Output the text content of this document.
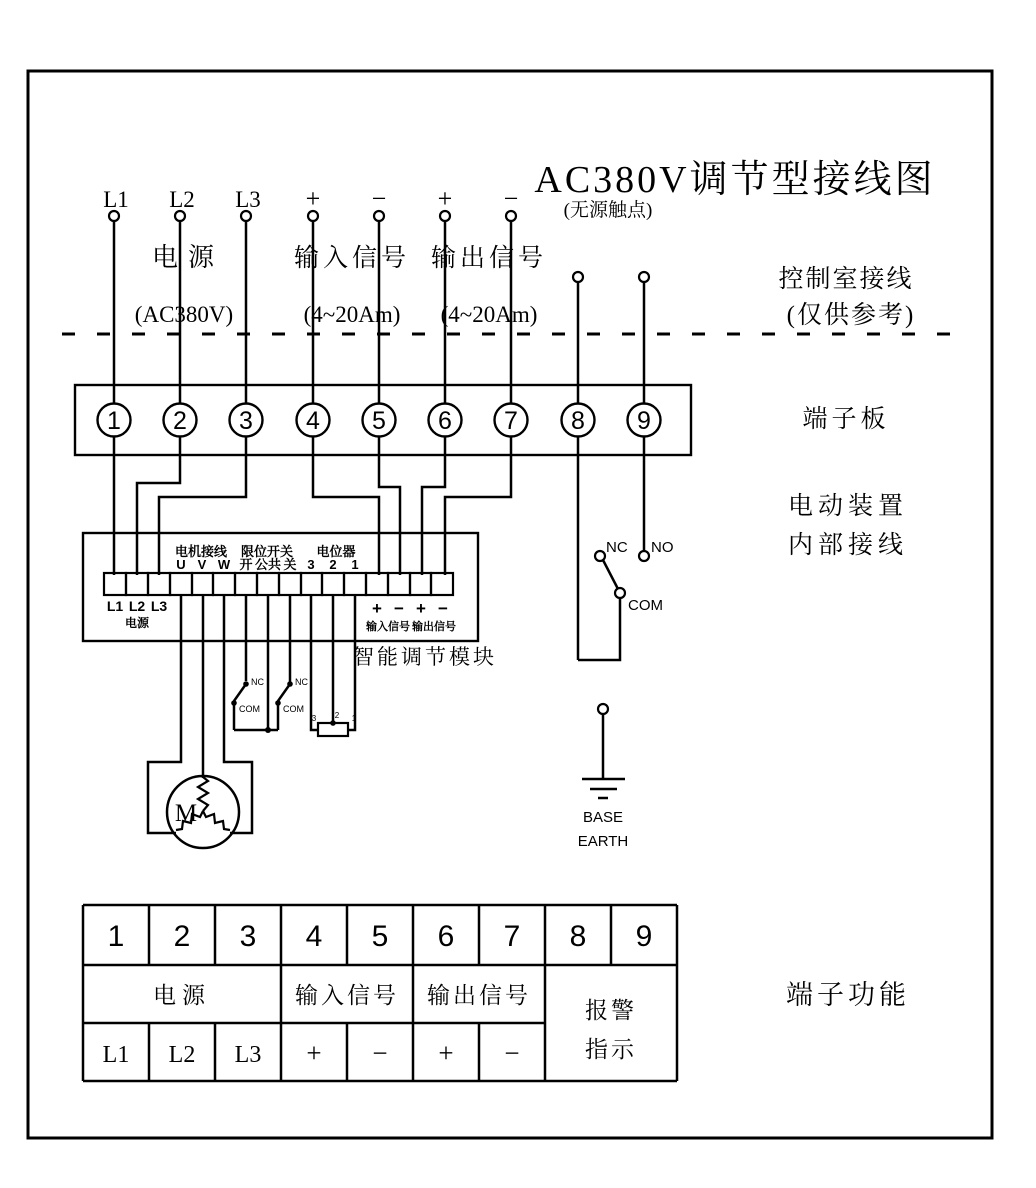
AC380V调节型接线图
电源
(AC380V)
输入信号
(4~20Am)
输出信号
(4~20Am)
(无源触点)
L1 L2 L3 + − + −
1 2 3 4 5 6 7 8 9
电机接线 限位开关 电位器
U V W 开 公共 关 3 2 1
L1 L2 L3
电源
+ − + −
输入信号 输出信号
智能调节模块
NC
COM
NC
COM
3 2 1
M
NC NO
COM
BASE
EARTH
控制室接线
(仅供参考)
端子板
电动装置
内部接线
端子功能
1 2 3 4 5 6 7 8 9
电源	输入信号 输出信号
报警
指示
L1 L2 L3 + − + −
